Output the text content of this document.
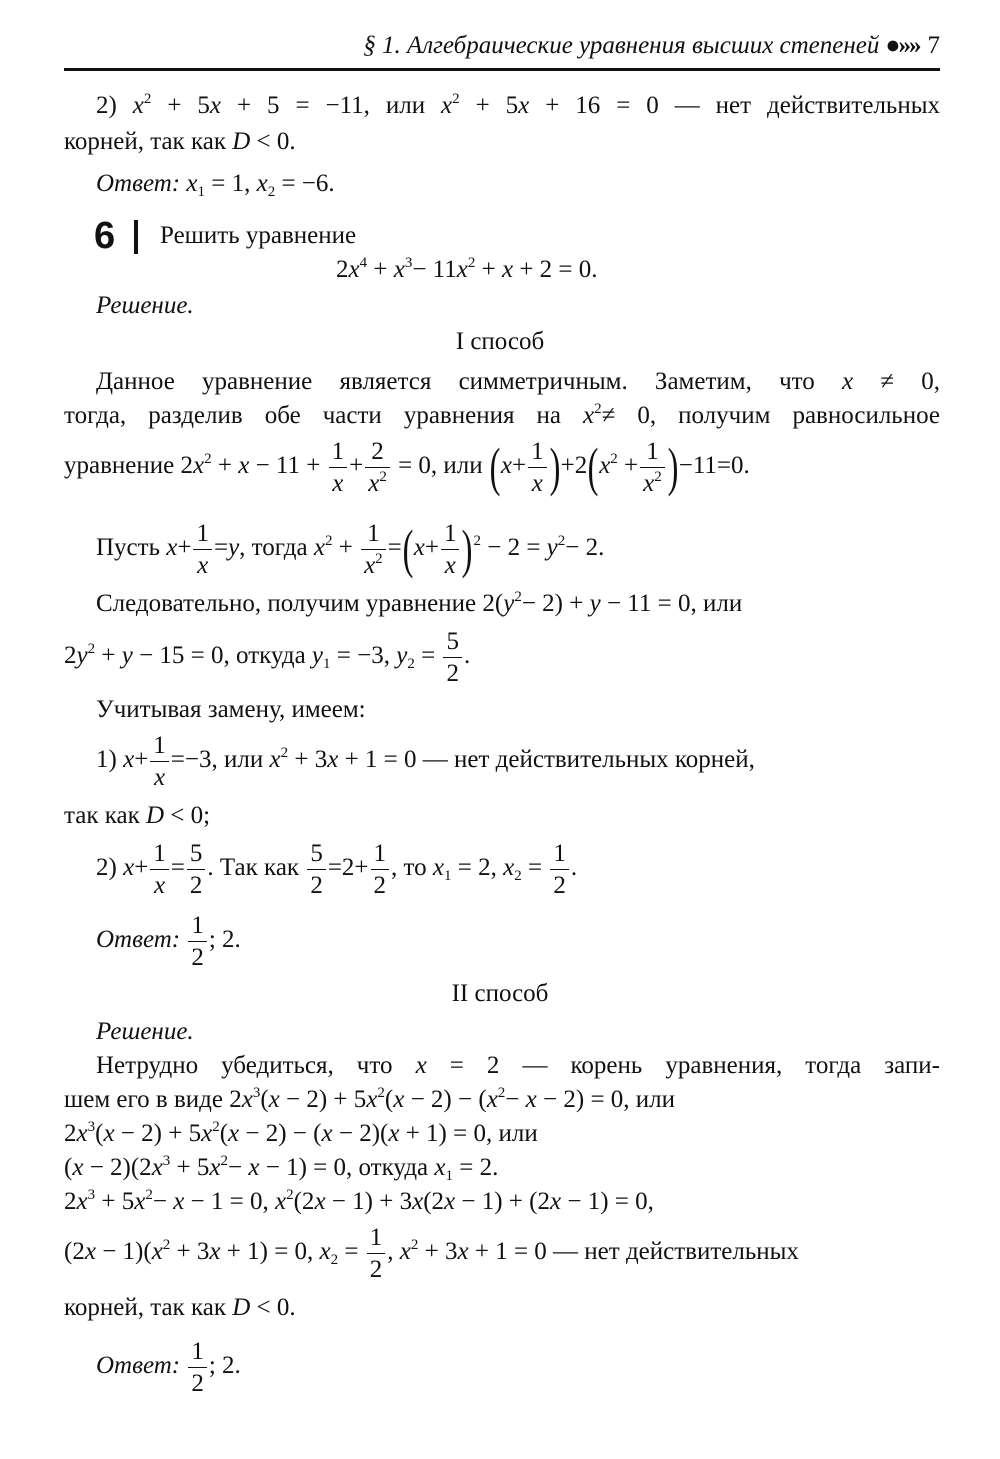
§ 1. Алгебраические уравнения высших степеней ●»» 7
2) $x^2 + 5x + 5 = -11$, или $x^2 + 5x + 16 = 0$ — нет действительных
корней, так как D < 0.
Ответ: $x_1 = 1$, $x_2 = -6$.
6 Решить уравнение
$2x^4 + x^3- 11x^2 + x + 2 = 0$.
Решение.
I способ
Данное уравнение является симметричным. Заметим, что x ≠ 0,
тогда, разделив обе части уравнения на $x^2\ne 0$, получим равносильное
уравнение $2x^2 + x - 11 + \frac{1}{x} + \frac{2}{x^2} = 0$, или $(x+ \frac{1}{x} )+2(x^2 + \frac{1}{x^2} )-11=0$.
Пусть $x+ \frac{1}{x} =y$, тогда $x^2 + \frac{1}{x^2} =(x+ \frac{1}{x} )^2 - 2 = y^2- 2$.
Следовательно, получим уравнение $2(y^2- 2) + y - 11 = 0$, или
$2y^2 + y - 15 = 0$, откуда $y_1 = -3$, $y_2 = \frac{5}{2}$ .
Учитывая замену, имеем:
1) $x+ \frac{1}{x} =-3$, или $x^2 + 3x + 1 = 0$ — нет действительных корней,
так как D < 0;
2) $x+ \frac{1}{x} = \frac{5}{2}$ . Так как $\frac{5}{2} =2+ \frac{1}{2}$ , то $x_1 = 2$, $x_2 = \frac{1}{2}$ .
Ответ: $\frac{1}{2}$ ; 2.
II способ
Решение.
Нетрудно убедиться, что x = 2 — корень уравнения, тогда запи-
шем его в виде $2x^3(x - 2) + 5x^2(x - 2) - (x^2- x - 2) = 0$, или
$2x^3(x - 2) + 5x^2(x - 2) - (x - 2)(x + 1) = 0$, или
$(x - 2)(2x^3 + 5x^2- x - 1) = 0$, откуда $x_1 = 2$.
$2x^3 + 5x^2- x - 1 = 0$, $x^2(2x - 1) + 3x(2x - 1) + (2x - 1) = 0$,
$(2x - 1)(x^2 + 3x + 1) = 0$, $x_2 = \frac{1}{2}$ , $x^2 + 3x + 1 = 0$ — нет действительных
корней, так как D < 0.
Ответ: $\frac{1}{2}$ ; 2.
